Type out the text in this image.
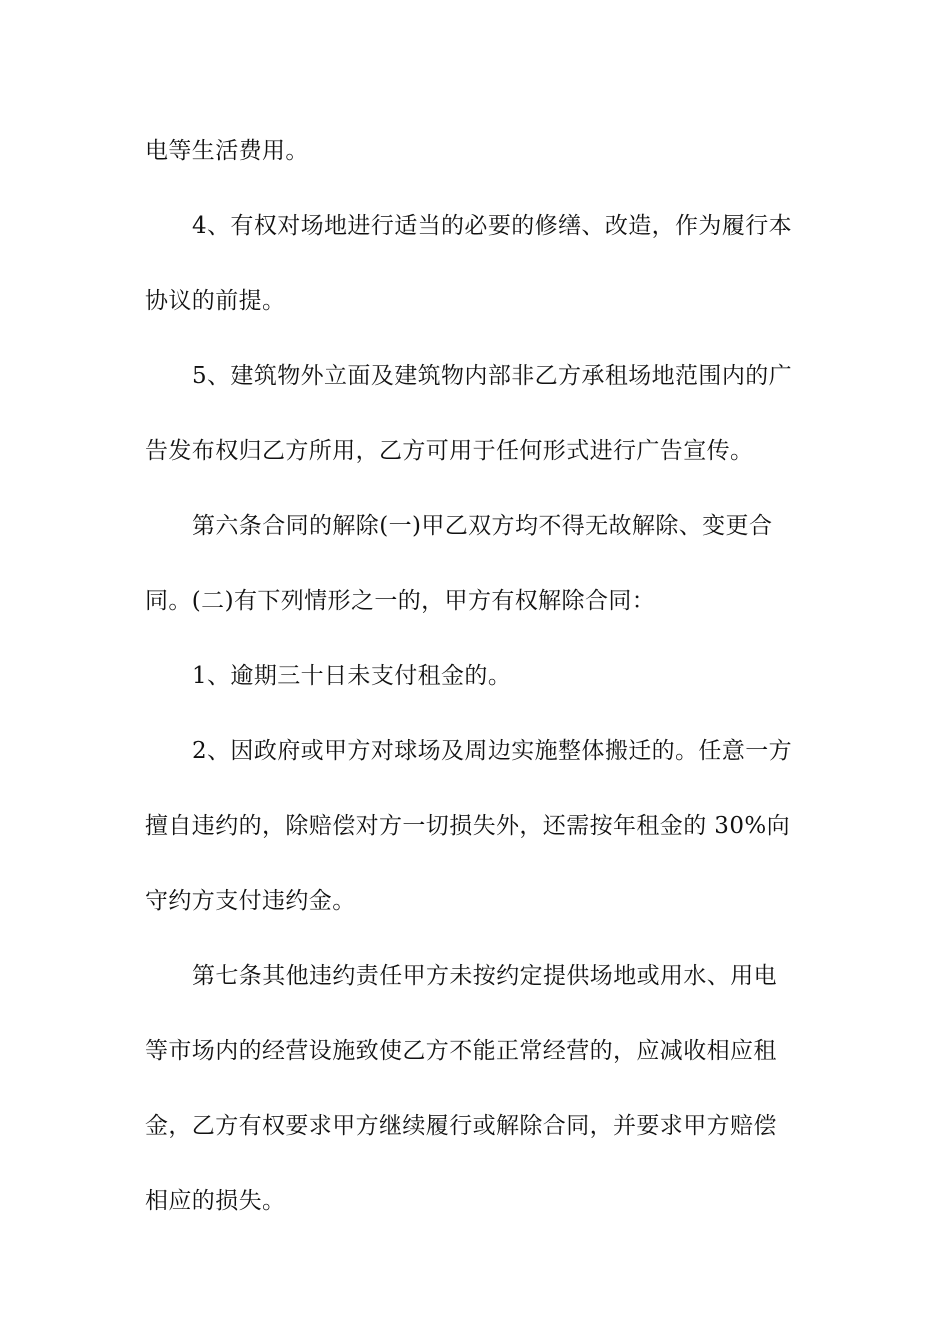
电等生活费用。
4、有权对场地进行适当的必要的修缮、改造，作为履行本
协议的前提。
5、建筑物外立面及建筑物内部非乙方承租场地范围内的广
告发布权归乙方所用，乙方可用于任何形式进行广告宣传。
第六条合同的解除(一)甲乙双方均不得无故解除、变更合
同。(二)有下列情形之一的，甲方有权解除合同：
1、逾期三十日未支付租金的。
2、因政府或甲方对球场及周边实施整体搬迁的。任意一方
擅自违约的，除赔偿对方一切损失外，还需按年租金的 30%向
守约方支付违约金。
第七条其他违约责任甲方未按约定提供场地或用水、用电
等市场内的经营设施致使乙方不能正常经营的，应减收相应租
金，乙方有权要求甲方继续履行或解除合同，并要求甲方赔偿
相应的损失。
